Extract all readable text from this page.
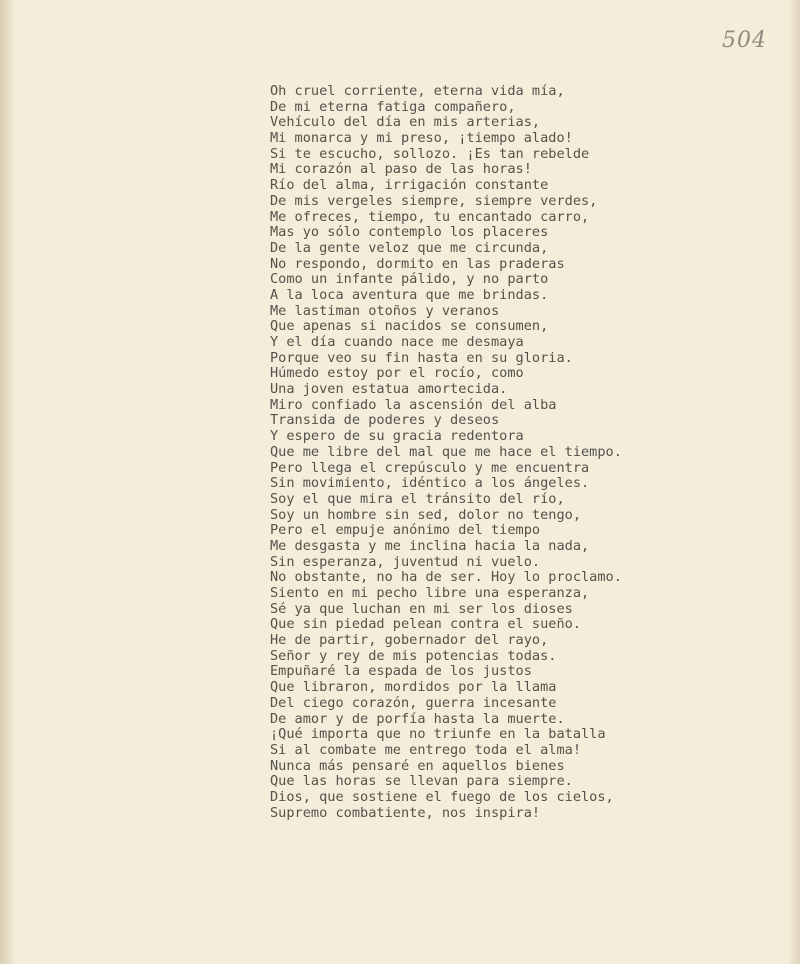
504
Oh cruel corriente, eterna vida mía,
De mi eterna fatiga compañero,
Vehículo del día en mis arterias,
Mi monarca y mi preso, ¡tiempo alado!
Si te escucho, sollozo. ¡Es tan rebelde
Mi corazón al paso de las horas!
Río del alma, irrigación constante
De mis vergeles siempre, siempre verdes,
Me ofreces, tiempo, tu encantado carro,
Mas yo sólo contemplo los placeres
De la gente veloz que me circunda,
No respondo, dormito en las praderas
Como un infante pálido, y no parto
A la loca aventura que me brindas.
Me lastiman otoños y veranos
Que apenas si nacidos se consumen,
Y el día cuando nace me desmaya
Porque veo su fin hasta en su gloria.
Húmedo estoy por el rocío, como
Una joven estatua amortecida.
Miro confiado la ascensión del alba
Transida de poderes y deseos
Y espero de su gracia redentora
Que me libre del mal que me hace el tiempo.
Pero llega el crepúsculo y me encuentra
Sin movimiento, idéntico a los ángeles.
Soy el que mira el tránsito del río,
Soy un hombre sin sed, dolor no tengo,
Pero el empuje anónimo del tiempo
Me desgasta y me inclina hacia la nada,
Sin esperanza, juventud ni vuelo.
No obstante, no ha de ser. Hoy lo proclamo.
Siento en mi pecho libre una esperanza,
Sé ya que luchan en mi ser los dioses
Que sin piedad pelean contra el sueño.
He de partir, gobernador del rayo,
Señor y rey de mis potencias todas.
Empuñaré la espada de los justos
Que libraron, mordidos por la llama
Del ciego corazón, guerra incesante
De amor y de porfía hasta la muerte.
¡Qué importa que no triunfe en la batalla
Si al combate me entrego toda el alma!
Nunca más pensaré en aquellos bienes
Que las horas se llevan para siempre.
Dios, que sostiene el fuego de los cielos,
Supremo combatiente, nos inspira!
